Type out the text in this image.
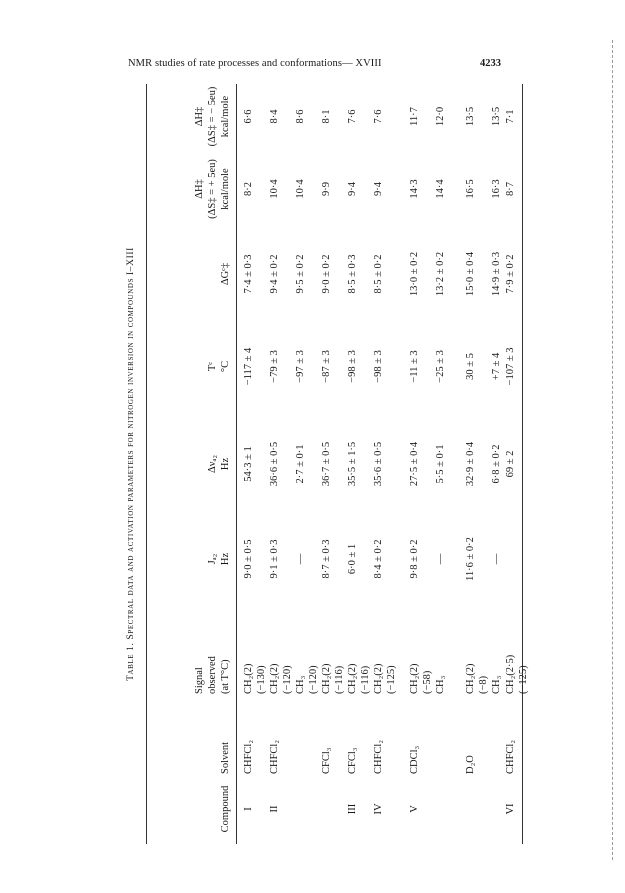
NMR studies of rate processes and conformations— XVIII	4233
Table 1. Spectral data and activation parameters for nitrogen inversion in compounds I–XIII
Compound
Solvent
Signal observed (at T°C)
Jₐ₂ Hz
Δνₐ₂ Hz
Tᶜ °C
ΔGᶜ‡
ΔH‡ (ΔS‡ = + 5eu) kcal/mole
ΔH‡ (ΔS‡ = − 5eu) kcal/mole
I
CHFCl₂
CH₂(2) (−130)
9·0 ± 0·5
54·3 ± 1
−117 ± 4
7·4 ± 0·3
8·2
6·6
II
CHFCl₂
CH₂(2) (−120)
9·1 ± 0·3
36·6 ± 0·5
−79 ± 3
9·4 ± 0·2
10·4
8·4
CH₃ (−120)
—
2·7 ± 0·1
−97 ± 3
9·5 ± 0·2
10·4
8·6
CFCl₃
CH₂(2) (−116)
8·7 ± 0·3
36·7 ± 0·5
−87 ± 3
9·0 ± 0·2
9·9
8·1
III
CFCl₃
CH₂(2) (−116)
6·0 ± 1
35·5 ± 1·5
−98 ± 3
8·5 ± 0·3
9·4
7·6
IV
CHFCl₂
CH₂(2) (−125)
8·4 ± 0·2
35·6 ± 0·5
−98 ± 3
8·5 ± 0·2
9·4
7·6
V
CDCl₃
CH₂(2) (−58)
9·8 ± 0·2
27·5 ± 0·4
−11 ± 3
13·0 ± 0·2
14·3
11·7
CH₃
—
5·5 ± 0·1
−25 ± 3
13·2 ± 0·2
14·4
12·0
D₂O
CH₂(2) (−8)
11·6 ± 0·2
32·9 ± 0·4
30 ± 5
15·0 ± 0·4
16·5
13·5
CH₃
—
6·8 ± 0·2
+7 ± 4
14·9 ± 0·3
16·3
13·5
VI
CHFCl₂
CH₂(2·5) (−125)
69 ± 2
−107 ± 3
7·9 ± 0·2
8·7
7·1
